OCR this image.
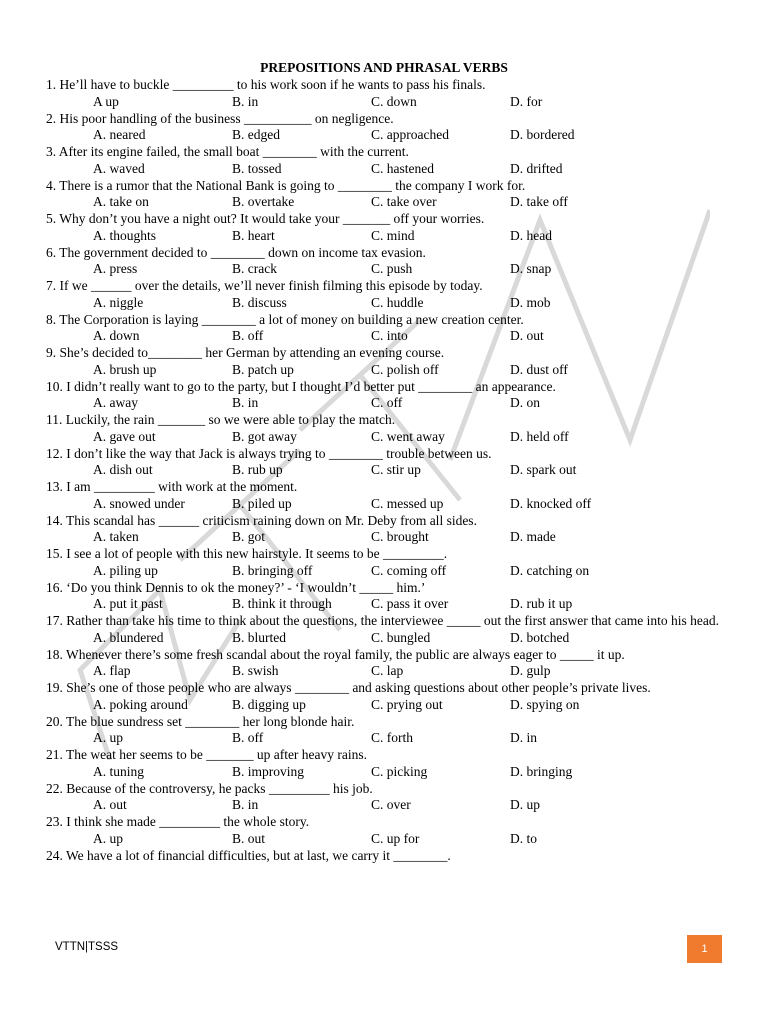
PREPOSITIONS AND PHRASAL VERBS

1. He’ll have to buckle _________ to his work soon if he wants to pass his finals.

A up	B. in	C. down	D. for

2. His poor handling of the business __________ on negligence.

A. neared	B. edged	C. approached	D. bordered

3. After its engine failed, the small boat ________ with the current.

A. waved	B. tossed	C. hastened	D. drifted

4. There is a rumor that the National Bank is going to ________ the company I work for.

A. take on	B. overtake	C. take over	D. take off

5. Why don’t you have a night out? It would take your _______ off your worries.

A. thoughts	B. heart	C. mind	D. head

6. The government decided to ________ down on income tax evasion.

A. press	B. crack	C. push	D. snap

7. If we ______ over the details, we’ll never finish filming this episode by today.

A. niggle	B. discuss	C. huddle	D. mob

8. The Corporation is laying ________ a lot of money on building a new creation center.

A. down	B. off	C. into	D. out

9. She’s decided to________ her German by attending an evening course.

A. brush up	B. patch up	C. polish off	D. dust off

10. I didn’t really want to go to the party, but I thought I’d better put ________ an appearance.

A. away	B. in	C. off	D. on

11. Luckily, the rain _______ so we were able to play the match.

A. gave out	B. got away	C. went away	D. held off

12. I don’t like the way that Jack is always trying to ________ trouble between us.

A. dish out	B. rub up	C. stir up	D. spark out

13. I am _________ with work at the moment.

A. snowed under	B. piled up	C. messed up	D. knocked off

14. This scandal has ______ criticism raining down on Mr. Deby from all sides.

A. taken	B. got	C. brought	D. made

15. I see a lot of people with this new hairstyle. It seems to be _________.

A. piling up	B. bringing off	C. coming off	D. catching on

16. ‘Do you think Dennis to ok the money?’ - ‘I wouldn’t _____ him.’

A. put it past	B. think it through	C. pass it over	D. rub it up

17. Rather than take his time to think about the questions, the interviewee _____ out the first answer that came into his head.

A. blundered	B. blurted	C. bungled	D. botched

18. Whenever there’s some fresh scandal about the royal family, the public are always eager to _____ it up.

A. flap	B. swish	C. lap	D. gulp

19. She’s one of those people who are always ________ and asking questions about other people’s private lives.

A. poking around	B. digging up	C. prying out	D. spying on

20. The blue sundress set ________ her long blonde hair.

A. up	B. off	C. forth	D. in

21. The weat her seems to be _______ up after heavy rains.

A. tuning	B. improving	C. picking	D. bringing

22. Because of the controversy, he packs _________ his job.

A. out	B. in	C. over	D. up

23. I think she made _________ the whole story.

A. up	B. out	C. up for	D. to

24. We have a lot of financial difficulties, but at last, we carry it ________.

VTTN|TSSS	1
